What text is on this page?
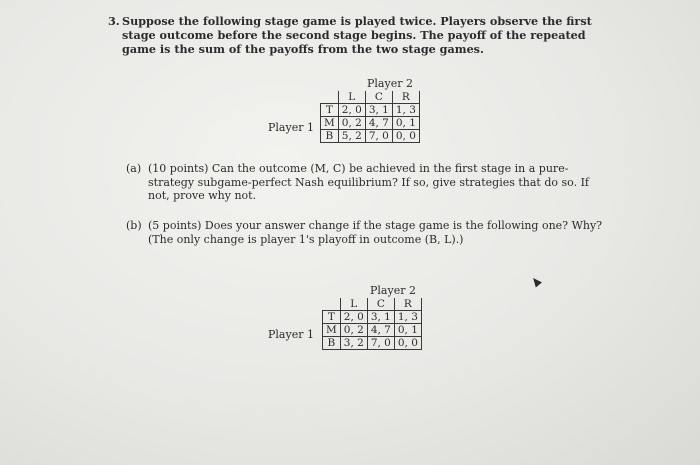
3. Suppose the following stage game is played twice. Players observe the first stage outcome before the second stage begins. The payoff of the repeated game is the sum of the payoffs from the two stage games.
Player 2
Player 1
	L	C	R
T	2, 0	3, 1	1, 3
M	0, 2	4, 7	0, 1
B	5, 2	7, 0	0, 0
(a) (10 points) Can the outcome (M, C) be achieved in the first stage in a pure-strategy subgame-perfect Nash equilibrium? If so, give strategies that do so. If not, prove why not.
(b) (5 points) Does your answer change if the stage game is the following one? Why? (The only change is player 1's playoff in outcome (B, L).)
Player 2
Player 1
	L	C	R
T	2, 0	3, 1	1, 3
M	0, 2	4, 7	0, 1
B	3, 2	7, 0	0, 0
